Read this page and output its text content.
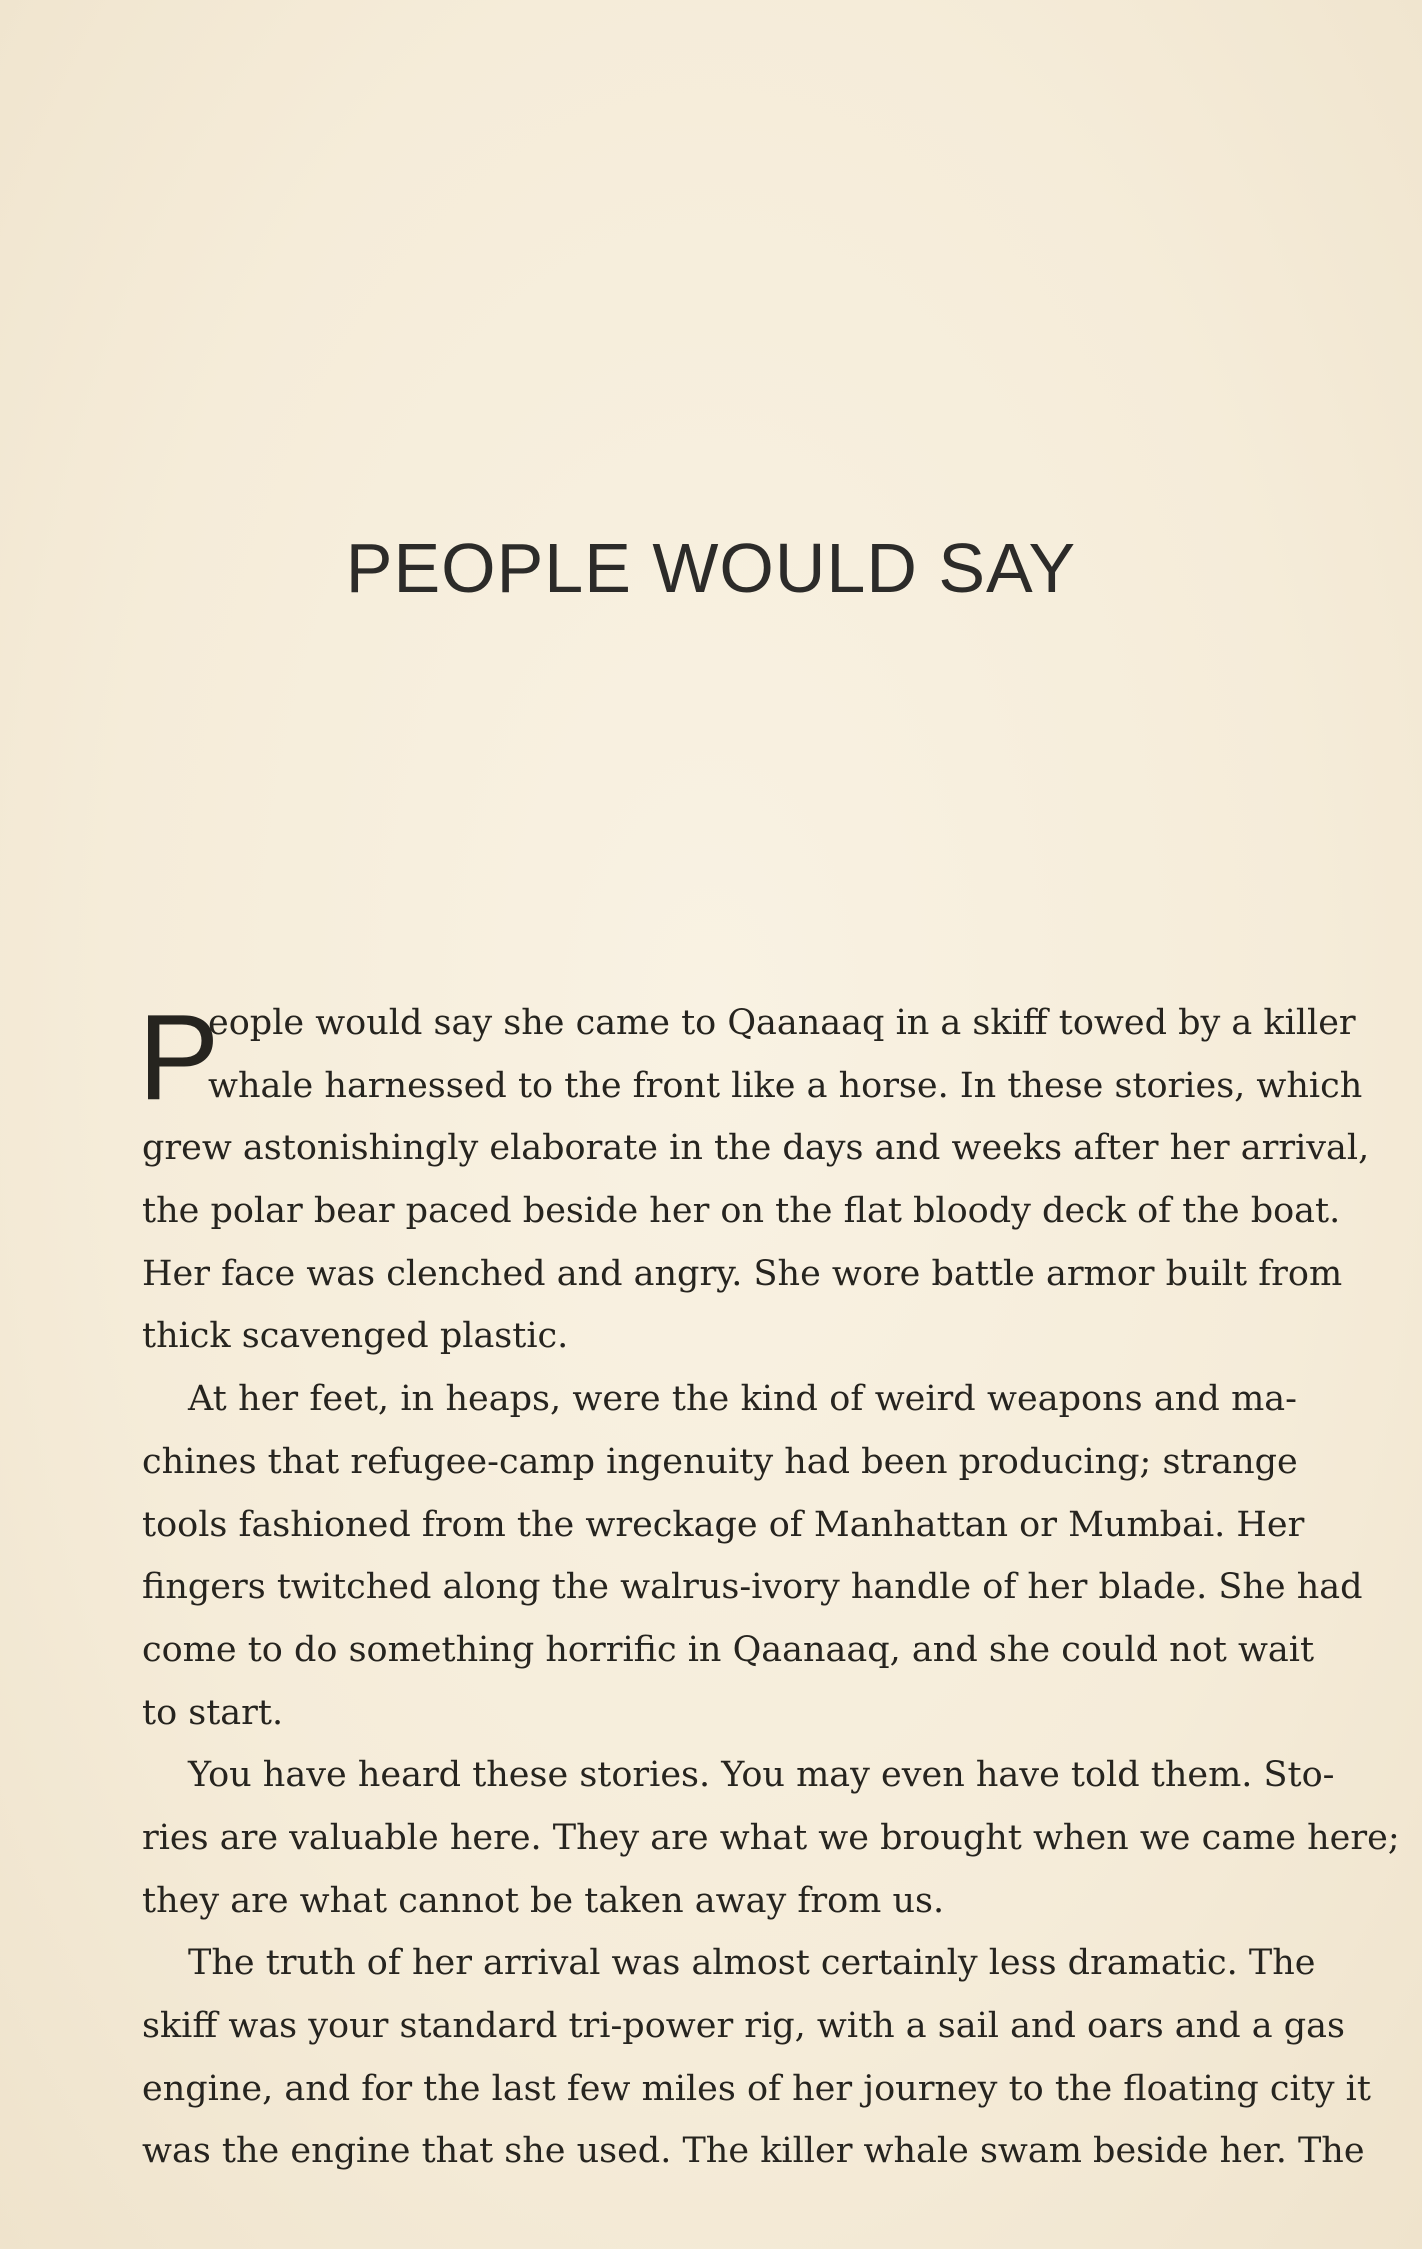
PEOPLE WOULD SAY
P
eople would say she came to Qaanaaq in a skiff towed by a killer
whale harnessed to the front like a horse. In these stories, which
grew astonishingly elaborate in the days and weeks after her arrival,
the polar bear paced beside her on the flat bloody deck of the boat.
Her face was clenched and angry. She wore battle armor built from
thick scavenged plastic.
At her feet, in heaps, were the kind of weird weapons and ma-
chines that refugee-camp ingenuity had been producing; strange
tools fashioned from the wreckage of Manhattan or Mumbai. Her
fingers twitched along the walrus-ivory handle of her blade. She had
come to do something horrific in Qaanaaq, and she could not wait
to start.
You have heard these stories. You may even have told them. Sto-
ries are valuable here. They are what we brought when we came here;
they are what cannot be taken away from us.
The truth of her arrival was almost certainly less dramatic. The
skiff was your standard tri-power rig, with a sail and oars and a gas
engine, and for the last few miles of her journey to the floating city it
was the engine that she used. The killer whale swam beside her. The
